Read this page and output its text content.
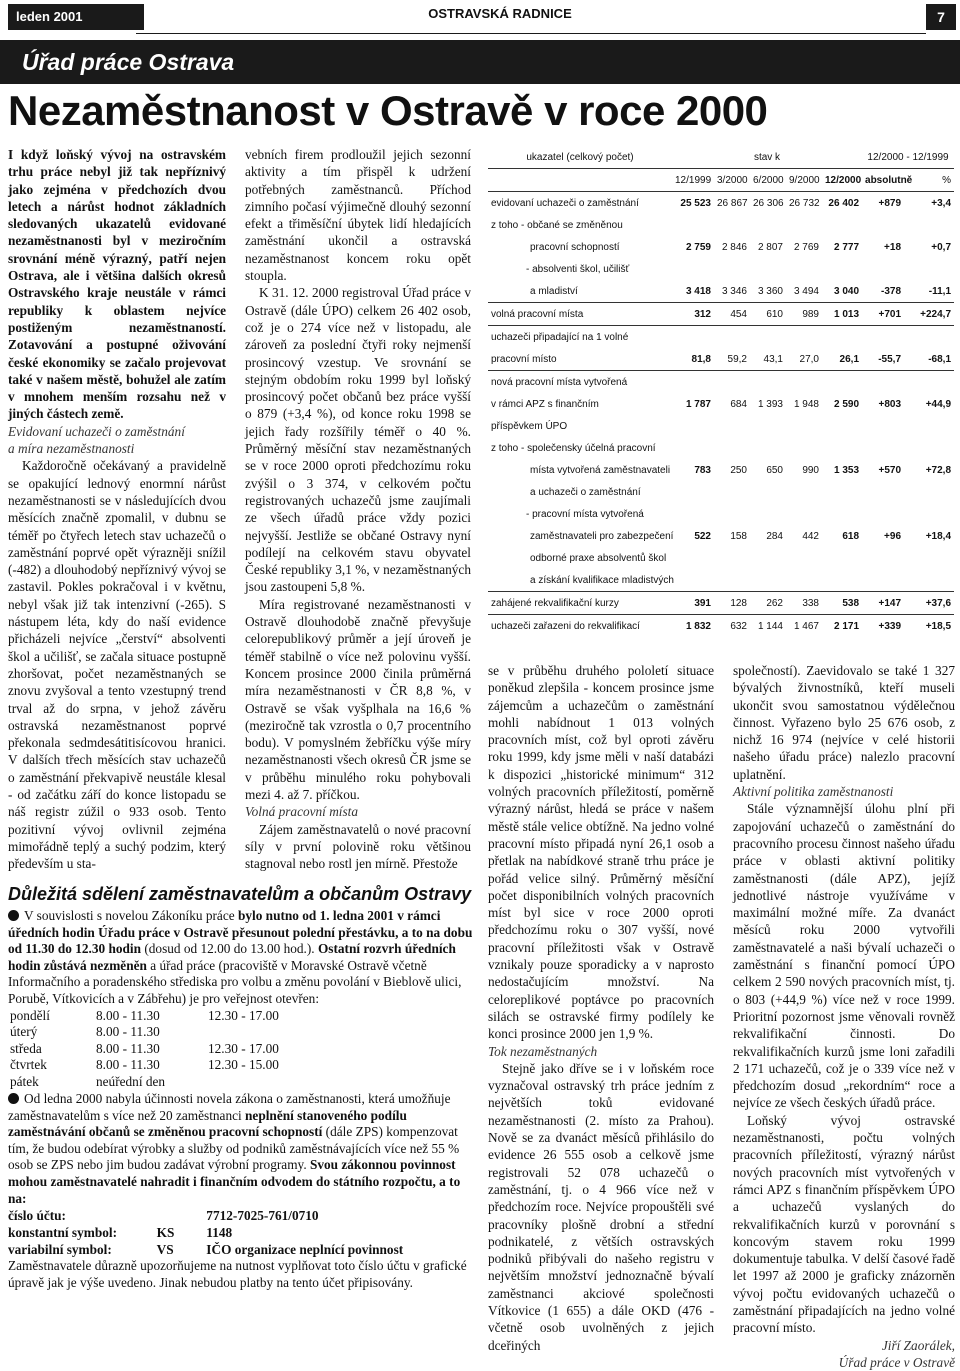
leden 2001	OSTRAVSKÁ RADNICE	7
Úřad práce Ostrava
Nezaměstnanost v Ostravě v roce 2000

I když loňský vývoj na ostravském trhu práce nebyl již tak nepříznivý jako zejména v předchozích dvou letech a nárůst hodnot základních sledovaných ukazatelů evidované nezaměstnanosti byl v meziročním srovnání méně výrazný, patří nejen Ostrava, ale i většina dalších okresů Ostravského kraje neustále v rámci republiky k oblastem nejvíce postiženým nezaměstnaností. Zotavování a postupné oživování české ekonomiky se začalo projevovat také v našem městě, bohužel ale zatím v mnohem menším rozsahu než v jiných částech země.

Evidovaní uchazeči o zaměstnání

a míra nezaměstnanosti

Každoročně očekávaný a pravidelně se opakující lednový enormní nárůst nezaměstnanosti se v následujících dvou měsících značně zpomalil, v dubnu se téměř po čtyřech letech stav uchazečů o zaměstnání poprvé opět výrazněji snížil (-482) a dlouhodobý nepříznivý vývoj se zastavil. Pokles pokračoval i v květnu, nebyl však již tak intenzivní (-265). S nástupem léta, kdy do naší evidence přicházeli nejvíce „čerství“ absolventi škol a učilišť, se začala situace postupně zhoršovat, počet nezaměstnaných se znovu zvyšoval a tento vzestupný trend trval až do srpna, v jehož závěru ostravská nezaměstnanost poprvé překonala sedmdesátitisícovou hranici. V dalších třech měsících stav uchazečů o zaměstnání překvapivě neustále klesal - od začátku září do konce listopadu se náš registr zúžil o 933 osob. Tento pozitivní vývoj ovlivnil zejména mimořádně teplý a suchý podzim, který především u sta-

vebních firem prodloužil jejich sezonní aktivity a tím přispěl k udržení potřebných zaměstnanců. Příchod zimního počasí výjimečně dlouhý sezonní efekt a třiměsíční úbytek lidí hledajících zaměstnání ukončil a ostravská nezaměstnanost koncem roku opět stoupla.

K 31. 12. 2000 registroval Úřad práce v Ostravě (dále ÚPO) celkem 26 402 osob, což je o 274 více než v listopadu, ale zároveň za poslední čtyři roky nejmenší prosincový vzestup. Ve srovnání se stejným obdobím roku 1999 byl loňský prosincový počet občanů bez práce vyšší o 879 (+3,4 %), od konce roku 1998 se jejich řady rozšířily téměř o 40 %. Průměrný měsíční stav nezaměstnaných se v roce 2000 oproti předchozímu roku zvýšil o 3 374, v celkovém počtu registrovaných uchazečů jsme zaujímali ze všech úřadů práce vždy pozici nejvyšší. Jestliže se občané Ostravy nyní podílejí na celkovém stavu obyvatel České republiky 3,1 %, v nezaměstnaných jsou zastoupeni 5,8 %.

Míra registrované nezaměstnanosti v Ostravě dlouhodobě značně převyšuje celorepublikový průměr a její úroveň je téměř stabilně o více než polovinu vyšší. Koncem prosince 2000 činila průměrná míra nezaměstnanosti v ČR 8,8 %, v Ostravě se však vyšplhala na 16,6 % (meziročně tak vzrostla o 0,7 procentního bodu). V pomyslném žebříčku výše míry nezaměstnanosti všech okresů ČR jsme se v průběhu minulého roku pohybovali mezi 4. až 7. příčkou.

Volná pracovní místa

Zájem zaměstnavatelů o nové pracovní síly v první polovině roku většinou stagnoval nebo rostl jen mírně. Přestože

ukazatel (celkový počet)	stav k					12/2000 - 12/1999	
	12/1999	3/2000	6/2000	9/2000	12/2000	absolutně	%
evidovaní uchazeči o zaměstnání	25 523	26 867	26 306	26 732	26 402	+879	+3,4
z toho - občané se změněnou							
pracovní schopností	2 759	2 846	2 807	2 769	2 777	+18	+0,7
- absolventi škol, učilišť							
a mladiství	3 418	3 346	3 360	3 494	3 040	-378	-11,1
volná pracovní místa	312	454	610	989	1 013	+701	+224,7
uchazeči připadající na 1 volné							
pracovní místo	81,8	59,2	43,1	27,0	26,1	-55,7	-68,1
nová pracovní místa vytvořená							
v rámci APZ s finančním	1 787	684	1 393	1 948	2 590	+803	+44,9
příspěvkem ÚPO							
z toho - společensky účelná pracovní							
místa vytvořená zaměstnavateli	783	250	650	990	1 353	+570	+72,8
a uchazeči o zaměstnání							
- pracovní místa vytvořená							
zaměstnavateli pro zabezpečení	522	158	284	442	618	+96	+18,4
odborné praxe absolventů škol							
a získání kvalifikace mladistvých							
zahájené rekvalifikační kurzy	391	128	262	338	538	+147	+37,6
uchazeči zařazeni do rekvalifikací	1 832	632	1 144	1 467	2 171	+339	+18,5

se v průběhu druhého pololetí situace poněkud zlepšila - koncem prosince jsme zájemcům a uchazečům o zaměstnání mohli nabídnout 1 013 volných pracovních míst, což byl oproti závěru roku 1999, kdy jsme měli v naší databázi k dispozici „historické minimum“ 312 volných pracovních příležitostí, poměrně výrazný nárůst, hledá se práce v našem městě stále velice obtížně. Na jedno volné pracovní místo připadá nyní 26,1 osob a přetlak na nabídkové straně trhu práce je pořád velice silný. Průměrný měsíční počet disponibilních volných pracovních míst byl sice v roce 2000 oproti předchozímu roku o 307 vyšší, nové pracovní příležitosti však v Ostravě vznikaly pouze sporadicky a v naprosto nedostačujícím množství. Na celoreplikové poptávce po pracovních silách se ostravské firmy podílely ke konci prosince 2000 jen 1,9 %.

Tok nezaměstnaných

Stejně jako dříve se i v loňském roce vyznačoval ostravský trh práce jedním z největších toků evidované nezaměstnanosti (2. místo za Prahou). Nově se za dvanáct měsíců přihlásilo do evidence 26 555 osob a celkově jsme registrovali 52 078 uchazečů o zaměstnání, tj. o 4 966 více než v předchozím roce. Nejvíce propouštěli své pracovníky plošně drobní a střední podnikatelé, z větších ostravských podniků přibývali do našeho registru v největším množství jednoznačně bývalí zaměstnanci akciové společnosti Vítkovice (1 655) a dále OKD (476 - včetně osob uvolněných z jejich dceřiných

společností). Zaevidovalo se také 1 327 bývalých živnostníků, kteří museli ukončit svou samostatnou výdělečnou činnost. Vyřazeno bylo 25 676 osob, z nichž 16 974 (nejvíce v celé historii našeho úřadu práce) nalezlo pracovní uplatnění.

Aktivní politika zaměstnanosti

Stále významnější úlohu plní při zapojování uchazečů o zaměstnání do pracovního procesu činnost našeho úřadu práce v oblasti aktivní politiky zaměstnanosti (dále APZ), jejíž jednotlivé nástroje využíváme v maximální možné míře. Za dvanáct měsíců roku 2000 vytvořili zaměstnavatelé a naši bývalí uchazeči o zaměstnání s finanční pomocí ÚPO celkem 2 590 nových pracovních míst, tj. o 803 (+44,9 %) více než v roce 1999. Prioritní pozornost jsme věnovali rovněž rekvalifikační činnosti. Do rekvalifikačních kurzů jsme loni zařadili 2 171 uchazečů, což je o 339 více než v předchozím dosud „rekordním“ roce a nejvíce ze všech českých úřadů práce.

Loňský vývoj ostravské nezaměstnanosti, počtu volných pracovních příležitostí, výrazný nárůst nových pracovních míst vytvořených v rámci APZ s finančním příspěvkem ÚPO a uchazečů vyslaných do rekvalifikačních kurzů v porovnání s koncovým stavem roku 1999 dokumentuje tabulka. V delší časové řadě let 1997 až 2000 je graficky znázorněn vývoj počtu evidovaných uchazečů o zaměstnání připadajících na jedno volné pracovní místo.

Jiří Zaorálek,

Úřad práce v Ostravě

Důležitá sdělení zaměstnavatelům a občanům Ostravy

V souvislosti s novelou Zákoníku práce bylo nutno od 1. ledna 2001 v rámci úředních hodin Úřadu práce v Ostravě přesunout polední přestávku, a to na dobu od 11.30 do 12.30 hodin (dosud od 12.00 do 13.00 hod.). Ostatní rozvrh úředních hodin zůstává nezměněn a úřad práce (pracoviště v Moravské Ostravě včetně Informačního a poradenského střediska pro volbu a změnu povolání v Bieblově ulici, Porubě, Vítkovicích a v Zábřehu) je pro veřejnost otevřen:

pondělí	8.00 - 11.30	12.30 - 17.00
úterý	8.00 - 11.30	
středa	8.00 - 11.30	12.30 - 17.00
čtvrtek	8.00 - 11.30	12.30 - 15.00
pátek	neúřední den	

Od ledna 2000 nabyla účinnosti novela zákona o zaměstnanosti, která umožňuje zaměstnavatelům s více než 20 zaměstnanci neplnění stanoveného podílu zaměstnávání občanů se změněnou pracovní schopností (dále ZPS) kompenzovat tím, že budou odebírat výrobky a služby od podniků zaměstnávajících více než 55 % osob se ZPS nebo jim budou zadávat výrobní programy. Svou zákonnou povinnost mohou zaměstnavatelé nahradit i finančním odvodem do státního rozpočtu, a to na:

číslo účtu:		7712-7025-761/0710
konstantní symbol:	KS	1148
variabilní symbol:	VS	IČO organizace neplnící povinnost

Zaměstnavatele důrazně upozorňujeme na nutnost vyplňovat toto číslo účtu v grafické úpravě jak je výše uvedeno. Jinak nebudou platby na tento účet připisovány.
